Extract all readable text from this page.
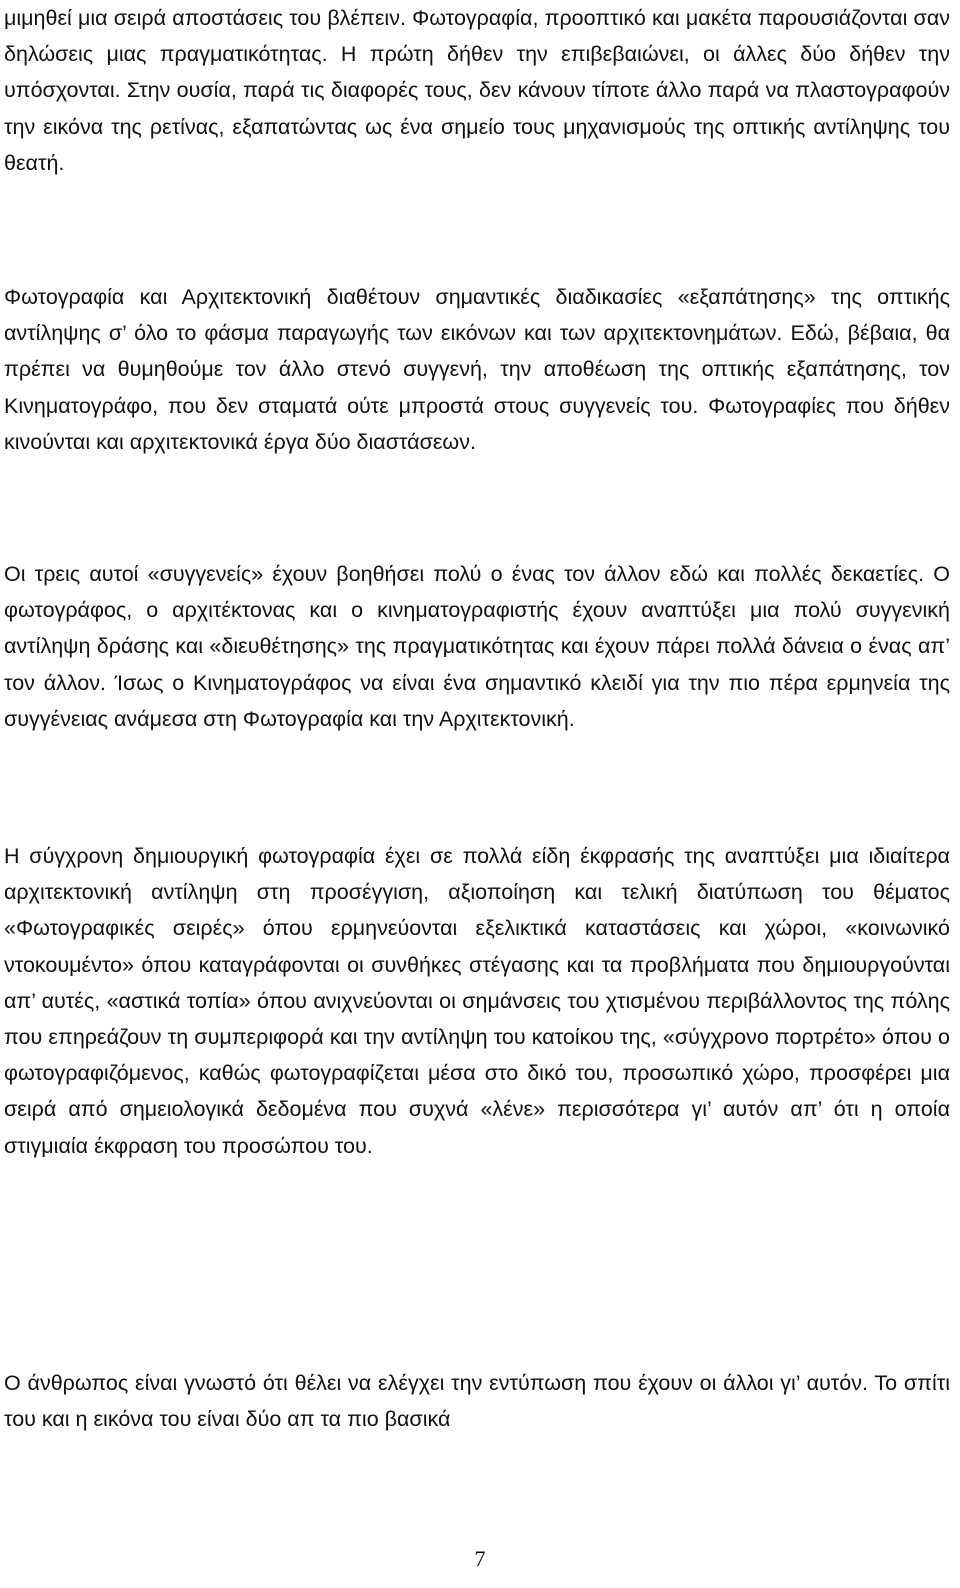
μιμηθεί μια σειρά αποστάσεις του βλέπειν. Φωτογραφία, προοπτικό και μακέτα παρουσιάζονται σαν δηλώσεις μιας πραγματικότητας. Η πρώτη δήθεν την επιβεβαιώνει, οι άλλες δύο δήθεν την υπόσχονται. Στην ουσία, παρά τις διαφορές τους, δεν κάνουν τίποτε άλλο παρά να πλαστογραφούν την εικόνα της ρετίνας, εξαπατώντας ως ένα σημείο τους μηχανισμούς της οπτικής αντίληψης του θεατή.

Φωτογραφία και Αρχιτεκτονική διαθέτουν σημαντικές διαδικασίες «εξαπάτησης» της οπτικής αντίληψης σ’ όλο το φάσμα παραγωγής των εικόνων και των αρχιτεκτονημάτων. Εδώ, βέβαια, θα πρέπει να θυμηθούμε τον άλλο στενό συγγενή, την αποθέωση της οπτικής εξαπάτησης, τον Κινηματογράφο, που δεν σταματά ούτε μπροστά στους συγγενείς του. Φωτογραφίες που δήθεν κινούνται και αρχιτεκτονικά έργα δύο διαστάσεων.

Οι τρεις αυτοί «συγγενείς» έχουν βοηθήσει πολύ ο ένας τον άλλον εδώ και πολλές δεκαετίες. Ο φωτογράφος, ο αρχιτέκτονας και ο κινηματογραφιστής έχουν αναπτύξει μια πολύ συγγενική αντίληψη δράσης και «διευθέτησης» της πραγματικότητας και έχουν πάρει πολλά δάνεια ο ένας απ’ τον άλλον. Ίσως ο Κινηματογράφος να είναι ένα σημαντικό κλειδί για την πιο πέρα ερμηνεία της συγγένειας ανάμεσα στη Φωτογραφία και την Αρχιτεκτονική.

Η σύγχρονη δημιουργική φωτογραφία έχει σε πολλά είδη έκφρασής της αναπτύξει μια ιδιαίτερα αρχιτεκτονική αντίληψη στη προσέγγιση, αξιοποίηση και τελική διατύπωση του θέματος «Φωτογραφικές σειρές» όπου ερμηνεύονται εξελικτικά καταστάσεις και χώροι, «κοινωνικό ντοκουμέντο» όπου καταγράφονται οι συνθήκες στέγασης και τα προβλήματα που δημιουργούνται απ’ αυτές, «αστικά τοπία» όπου ανιχνεύονται οι σημάνσεις του χτισμένου περιβάλλοντος της πόλης που επηρεάζουν τη συμπεριφορά και την αντίληψη του κατοίκου της, «σύγχρονο πορτρέτο» όπου ο φωτογραφιζόμενος, καθώς φωτογραφίζεται μέσα στο δικό του, προσωπικό χώρο, προσφέρει μια σειρά από σημειολογικά δεδομένα που συχνά «λένε» περισσότερα γι’ αυτόν απ’ ότι η οποία στιγμιαία έκφραση του προσώπου του.

Ο άνθρωπος είναι γνωστό ότι θέλει να ελέγχει την εντύπωση που έχουν οι άλλοι γι’ αυτόν. Το σπίτι του και η εικόνα του είναι δύο απ τα πιο βασικά

7
